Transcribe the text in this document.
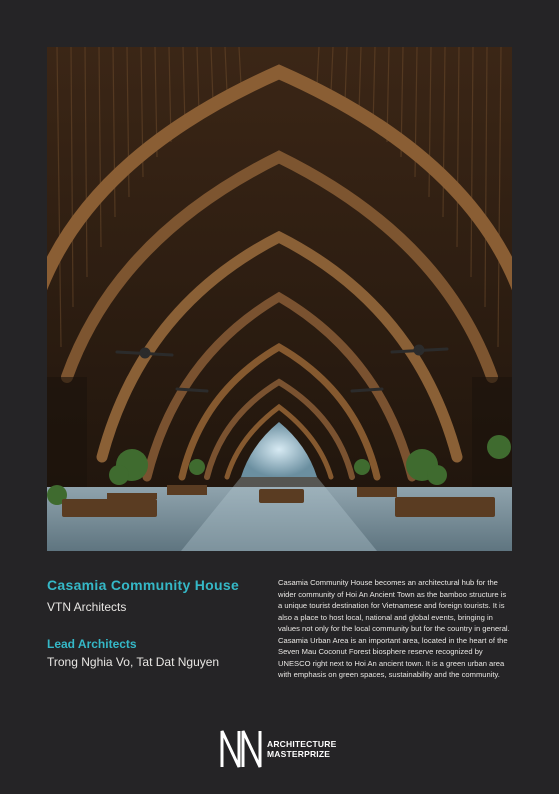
Casamia Community House
VTN Architects
Lead Architects
Trong Nghia Vo, Tat Dat Nguyen

Casamia Community House becomes an architectural hub for the wider community of Hoi An Ancient Town as the bamboo structure is a unique tourist destination for Vietnamese and foreign tourists. It is also a place to host local, national and global events, bringing in values not only for the local community but for the country in general. Casamia Urban Area is an important area, located in the heart of the Seven Mau Coconut Forest biosphere reserve recognized by UNESCO right next to Hoi An ancient town. It is a green urban area with emphasis on green spaces, sustainability and the community.

ARCHITECTURE
MASTERPRIZE
